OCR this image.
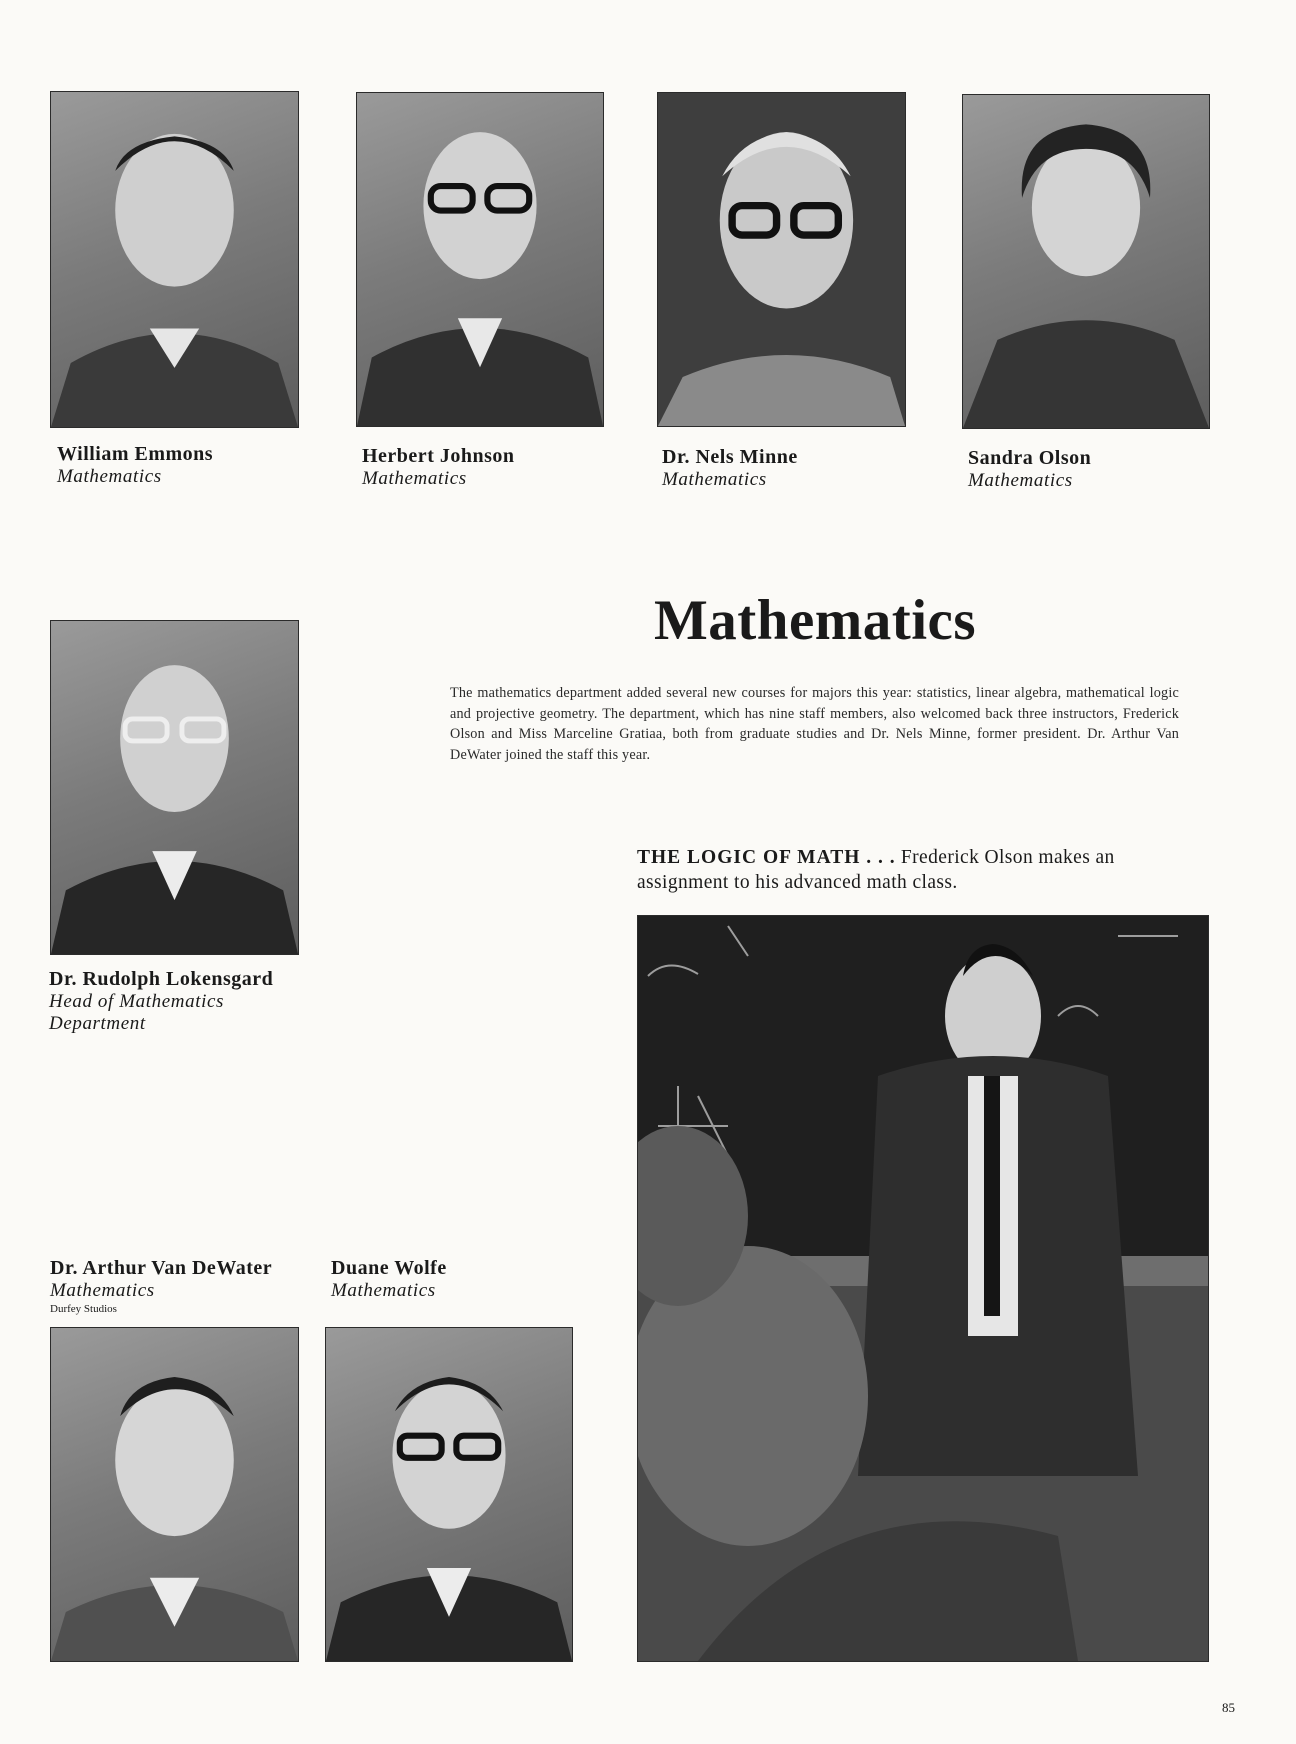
William Emmons
Mathematics
Herbert Johnson
Mathematics
Dr. Nels Minne
Mathematics
Sandra Olson
Mathematics
Dr. Rudolph Lokensgard
Head of Mathematics
Department
Mathematics
The mathematics department added several new courses for majors this year: statistics, linear algebra, mathematical logic and projective geometry. The department, which has nine staff members, also welcomed back three instructors, Frederick Olson and Miss Marceline Gratiaa, both from graduate studies and Dr. Nels Minne, former president. Dr. Arthur Van DeWater joined the staff this year.
THE LOGIC OF MATH . . . Frederick Olson makes an assignment to his advanced math class.
Dr. Arthur Van DeWater
Mathematics
Durfey Studios
Duane Wolfe
Mathematics
85
